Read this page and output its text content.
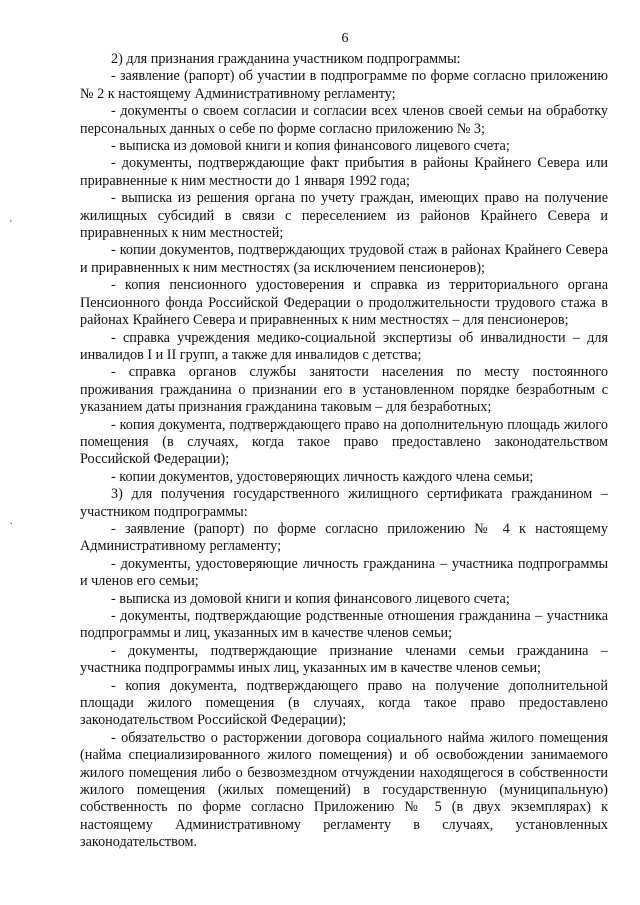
6
'
.

2) для признания гражданина участником подпрограммы:

- заявление (рапорт) об участии в подпрограмме по форме согласно приложению № 2 к настоящему Административному регламенту;

- документы о своем согласии и согласии всех членов своей семьи на обработку персональных данных о себе по форме согласно приложению № 3;

- выписка из домовой книги и копия финансового лицевого счета;

- документы, подтверждающие факт прибытия в районы Крайнего Севера или приравненные к ним местности до 1 января 1992 года;

- выписка из решения органа по учету граждан, имеющих право на получение жилищных субсидий в связи с переселением из районов Крайнего Севера и приравненных к ним местностей;

- копии документов, подтверждающих трудовой стаж в районах Крайнего Севера и приравненных к ним местностях (за исключением пенсионеров);

- копия пенсионного удостоверения и справка из территориального органа Пенсионного фонда Российской Федерации о продолжительности трудового стажа в районах Крайнего Севера и приравненных к ним местностях – для пенсионеров;

- справка учреждения медико-социальной экспертизы об инвалидности – для инвалидов I и II групп, а также для инвалидов с детства;

- справка органов службы занятости населения по месту постоянного проживания гражданина о признании его в установленном порядке безработным с указанием даты признания гражданина таковым – для безработных;

- копия документа, подтверждающего право на дополнительную площадь жилого помещения (в случаях, когда такое право предоставлено законодательством Российской Федерации);

- копии документов, удостоверяющих личность каждого члена семьи;

3) для получения государственного жилищного сертификата гражданином – участником подпрограммы:

- заявление (рапорт) по форме согласно приложению № 4 к настоящему Административному регламенту;

- документы, удостоверяющие личность гражданина – участника подпрограммы и членов его семьи;

- выписка из домовой книги и копия финансового лицевого счета;

- документы, подтверждающие родственные отношения гражданина – участника подпрограммы и лиц, указанных им в качестве членов семьи;

- документы, подтверждающие признание членами семьи гражданина – участника подпрограммы иных лиц, указанных им в качестве членов семьи;

- копия документа, подтверждающего право на получение дополнительной площади жилого помещения (в случаях, когда такое право предоставлено законодательством Российской Федерации);

- обязательство о расторжении договора социального найма жилого помещения (найма специализированного жилого помещения) и об освобождении занимаемого жилого помещения либо о безвозмездном отчуждении находящегося в собственности жилого помещения (жилых помещений) в государственную (муниципальную) собственность по форме согласно Приложению № 5 (в двух экземплярах) к настоящему Административному регламенту в случаях, установленных законодательством.
